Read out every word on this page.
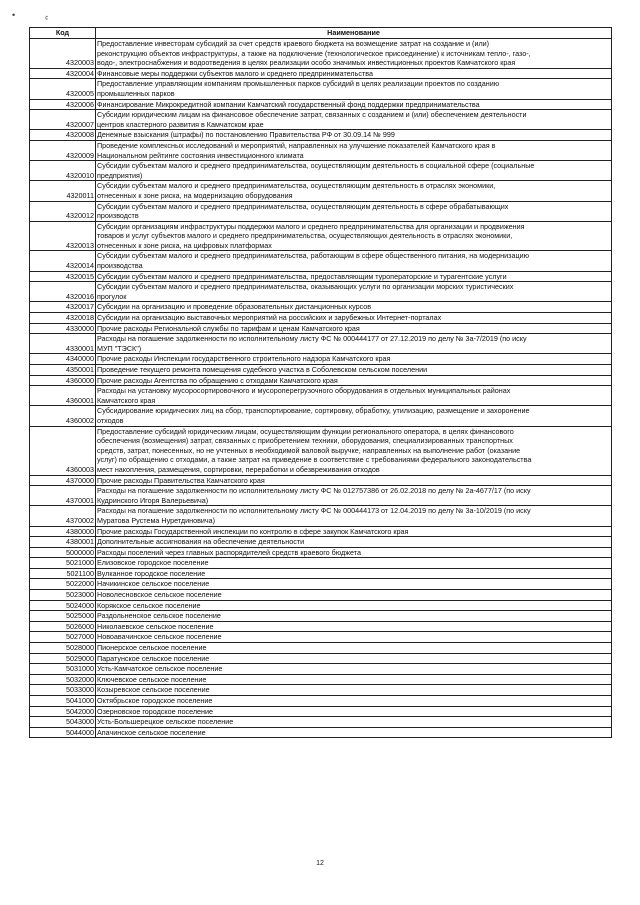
•	¢
Код	Наименование
4320003	Предоставление инвесторам субсидий за счет средств краевого бюджета на возмещение затрат на создание и (или)
реконструкцию объектов инфраструктуры, а также на подключение (технологическое присоединение) к источникам тепло-, газо-,
водо-, электроснабжения и водоотведения в целях реализации особо значимых инвестиционных проектов Камчатского края

4320004	Финансовые меры поддержки субъектов малого и среднего предпринимательства

4320005	Предоставление управляющим компаниям промышленных парков субсидий в целях реализации проектов по созданию
промышленных парков

4320006	Финансирование Микрокредитной компании Камчатский государственный фонд поддержки предпринимательства

4320007	Субсидии юридическим лицам на финансовое обеспечение затрат, связанных с созданием и (или) обеспечением деятельности
центров кластерного развития в Камчатском крае

4320008	Денежные взыскания (штрафы) по постановлению Правительства РФ от 30.09.14 № 999

4320009	Проведение комплексных исследований и мероприятий, направленных на улучшение показателей Камчатского края в
Национальном рейтинге состояния инвестиционного климата

4320010	Субсидии субъектам малого и среднего предпринимательства, осуществляющим деятельность в социальной сфере (социальные
предприятия)

4320011	Субсидии субъектам малого и среднего предпринимательства, осуществляющим деятельность в отраслях экономики,
отнесенных к зоне риска, на модернизацию оборудования

4320012	Субсидии субъектам малого и среднего предпринимательства, осуществляющим деятельность в сфере обрабатывающих
производств

4320013	Субсидии организациям инфраструктуры поддержки малого и среднего предпринимательства для организации и продвижения
товаров и услуг субъектов малого и среднего предпринимательства, осуществляющих деятельность в отраслях экономики,
отнесенных к зоне риска, на цифровых платформах

4320014	Субсидии субъектам малого и среднего предпринимательства, работающим в сфере общественного питания, на модернизацию
производства

4320015	Субсидии субъектам малого и среднего предпринимательства, предоставляющим туроператорские и турагентские услуги

4320016	Субсидии субъектам малого и среднего предпринимательства, оказывающих услуги по организации морских туристических
прогулок

4320017	Субсидии на организацию и проведение образовательных дистанционных курсов

4320018	Субсидии на организацию выставочных мероприятий на российских и зарубежных Интернет-порталах

4330000	Прочие расходы Региональной службы по тарифам и ценам Камчатского края

4330001	Расходы на погашение задолженности по исполнительному листу ФС № 000444177 от 27.12.2019 по делу № 3а-7/2019 (по иску
МУП "ТЭСК")

4340000	Прочие расходы Инспекции государственного строительного надзора Камчатского края

4350001	Проведение текущего ремонта помещения судебного участка в Соболевском сельском поселении

4360000	Прочие расходы Агентства по обращению с отходами Камчатского края

4360001	Расходы на установку мусоросортировочного и мусороперегрузочного оборудования в отдельных муниципальных районах
Камчатского края

4360002	Субсидирование юридических лиц на сбор, транспортирование, сортировку, обработку, утилизацию, размещение и захоронение
отходов

4360003	Предоставление субсидий юридическим лицам, осуществляющим функции регионального оператора, в целях финансового
обеспечения (возмещения) затрат, связанных с приобретением техники, оборудования, специализированных транспортных
средств, затрат, понесенных, но не учтенных в необходимой валовой выручке, направленных на выполнение работ (оказание
услуг) по обращению с отходами, а также затрат на приведение в соответствие с требованиями федерального законодательства
мест накопления, размещения, сортировки, переработки и обезвреживания отходов

4370000	Прочие расходы Правительства Камчатского края

4370001	Расходы на погашение задолженности по исполнительному листу ФС № 012757386 от 26.02.2018 по делу № 2а-4677/17 (по иску
Кудринского Игоря Валерьевича)

4370002	Расходы на погашение задолженности по исполнительному листу ФС № 000444173 от 12.04.2019 по делу № 3а-10/2019 (по иску
Муратова Рустема Нуретдиновича)

4380000	Прочие расходы Государственной инспекции по контролю в сфере закупок Камчатского края

4380001	Дополнительные ассигнования на обеспечение деятельности

5000000	Расходы поселений через главных распорядителей средств краевого бюджета

5021000	Елизовское городское поселение

5021100	Вулканное городское поселение

5022000	Начикинское сельское поселение

5023000	Новолесновское сельское поселение

5024000	Корякское сельское поселение

5025000	Раздольненское сельское поселение

5026000	Николаевское сельское поселение

5027000	Новоавачинское сельское поселение

5028000	Пионерское сельское поселение

5029000	Паратунское сельское поселение

5031000	Усть-Камчатское сельское поселение

5032000	Ключевское сельское поселение

5033000	Козыревское сельское поселение

5041000	Октябрьское городское поселение

5042000	Озерновское городское поселение

5043000	Усть-Большерецкое сельское поселение

5044000	Апачинское сельское поселение
12
